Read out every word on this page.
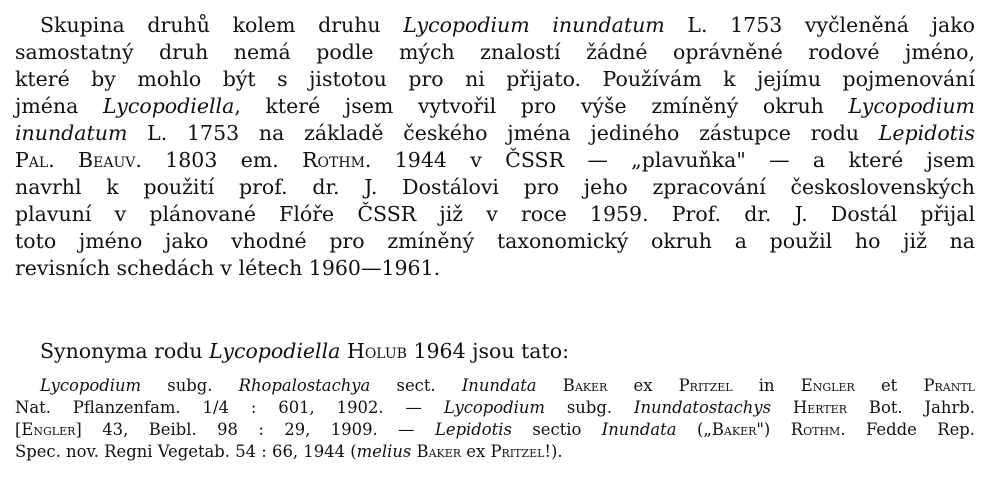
Skupina druhů kolem druhu Lycopodium inundatum L. 1753 vyčleněná jako
samostatný druh nemá podle mých znalostí žádné oprávněné rodové jméno,
které by mohlo být s jistotou pro ni přijato. Používám k jejímu pojmenování
jména Lycopodiella, které jsem vytvořil pro výše zmíněný okruh Lycopodium
inundatum L. 1753 na základě českého jména jediného zástupce rodu Lepidotis
Pal. Beauv. 1803 em. Rothm. 1944 v ČSSR — „plavuňka" — a které jsem
navrhl k použití prof. dr. J. Dostálovi pro jeho zpracování československých
plavuní v plánované Flóře ČSSR již v roce 1959. Prof. dr. J. Dostál přijal
toto jméno jako vhodné pro zmíněný taxonomický okruh a použil ho již na
revisních schedách v létech 1960—1961.
Synonyma rodu Lycopodiella Holub 1964 jsou tato:
Lycopodium subg. Rhopalostachya sect. Inundata Baker ex Pritzel in Engler et Prantl
Nat. Pflanzenfam. 1/4 : 601, 1902. — Lycopodium subg. Inundatostachys Herter Bot. Jahrb.
[Engler] 43, Beibl. 98 : 29, 1909. — Lepidotis sectio Inundata („Baker") Rothm. Fedde Rep.
Spec. nov. Regni Vegetab. 54 : 66, 1944 (melius Baker ex Pritzel!).
